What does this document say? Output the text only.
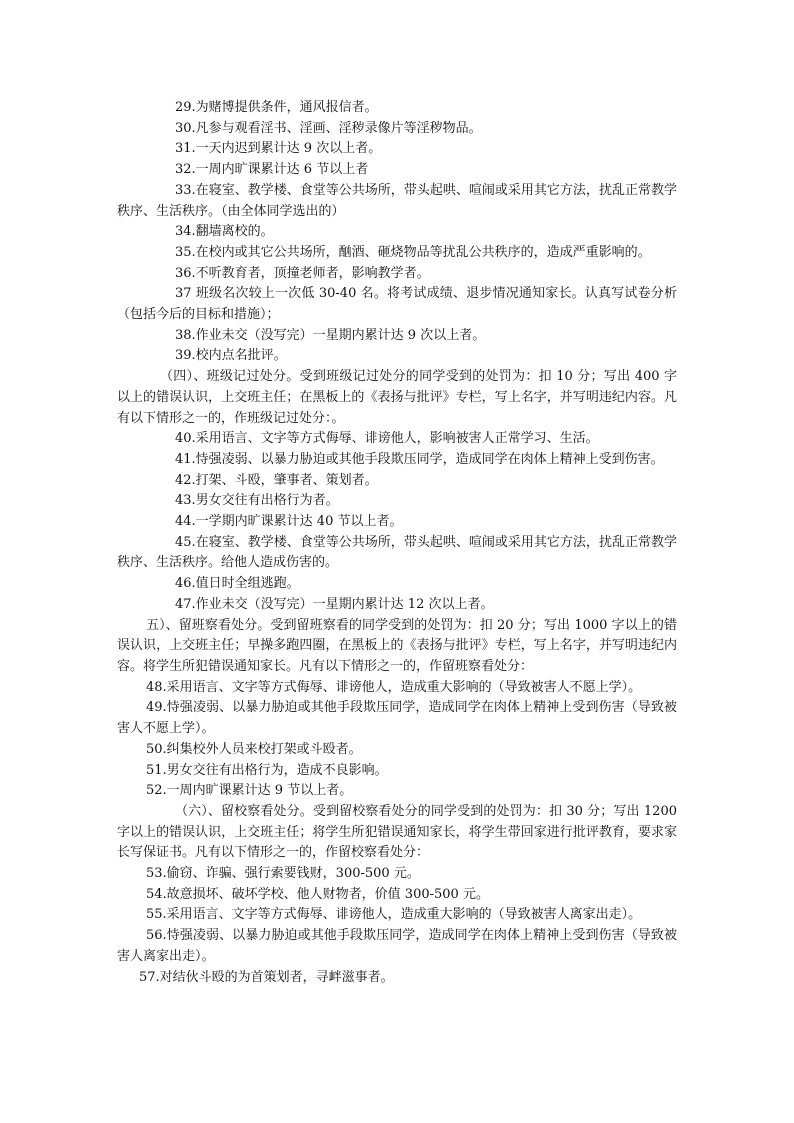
29.为赌博提供条件，通风报信者。

30.凡参与观看淫书、淫画、淫秽录像片等淫秽物品。

31.一天内迟到累计达 9 次以上者。

32.一周内旷课累计达 6 节以上者

33.在寝室、教学楼、食堂等公共场所，带头起哄、喧闹或采用其它方法，扰乱正常教学秩序、生活秩序。（由全体同学选出的）

34.翻墙离校的。

35.在校内或其它公共场所，酗酒、砸烧物品等扰乱公共秩序的，造成严重影响的。

36.不听教育者，顶撞老师者，影响教学者。

37 班级名次较上一次低 30-40 名。将考试成绩、退步情况通知家长。认真写试卷分析（包括今后的目标和措施）；

38.作业未交（没写完）一星期内累计达 9 次以上者。

39.校内点名批评。

（四）、班级记过处分。受到班级记过处分的同学受到的处罚为：扣 10 分；写出 400 字以上的错误认识，上交班主任；在黑板上的《表扬与批评》专栏，写上名字，并写明违纪内容。凡有以下情形之一的，作班级记过处分：。

40.采用语言、文字等方式侮辱、诽谤他人，影响被害人正常学习、生活。

41.恃强凌弱、以暴力胁迫或其他手段欺压同学，造成同学在肉体上精神上受到伤害。

42.打架、斗殴，肇事者、策划者。

43.男女交往有出格行为者。

44.一学期内旷课累计达 40 节以上者。

45.在寝室、教学楼、食堂等公共场所，带头起哄、喧闹或采用其它方法，扰乱正常教学秩序、生活秩序。给他人造成伤害的。

46.值日时全组逃跑。

47.作业未交（没写完）一星期内累计达 12 次以上者。

五）、留班察看处分。受到留班察看的同学受到的处罚为：扣 20 分；写出 1000 字以上的错误认识，上交班主任；早操多跑四圈，在黑板上的《表扬与批评》专栏，写上名字，并写明违纪内容。将学生所犯错误通知家长。凡有以下情形之一的，作留班察看处分：

48.采用语言、文字等方式侮辱、诽谤他人，造成重大影响的（导致被害人不愿上学）。

49.恃强凌弱、以暴力胁迫或其他手段欺压同学，造成同学在肉体上精神上受到伤害（导致被害人不愿上学）。

50.纠集校外人员来校打架或斗殴者。

51.男女交往有出格行为，造成不良影响。

52.一周内旷课累计达 9 节以上者。

（六）、留校察看处分。受到留校察看处分的同学受到的处罚为：扣 30 分；写出 1200 字以上的错误认识，上交班主任；将学生所犯错误通知家长，将学生带回家进行批评教育，要求家长写保证书。凡有以下情形之一的，作留校察看处分：

53.偷窃、诈骗、强行索要钱财，300-500 元。

54.故意损坏、破坏学校、他人财物者，价值 300-500 元。

55.采用语言、文字等方式侮辱、诽谤他人，造成重大影响的（导致被害人离家出走）。

56.恃强凌弱、以暴力胁迫或其他手段欺压同学，造成同学在肉体上精神上受到伤害（导致被害人离家出走）。

57.对结伙斗殴的为首策划者，寻衅滋事者。
